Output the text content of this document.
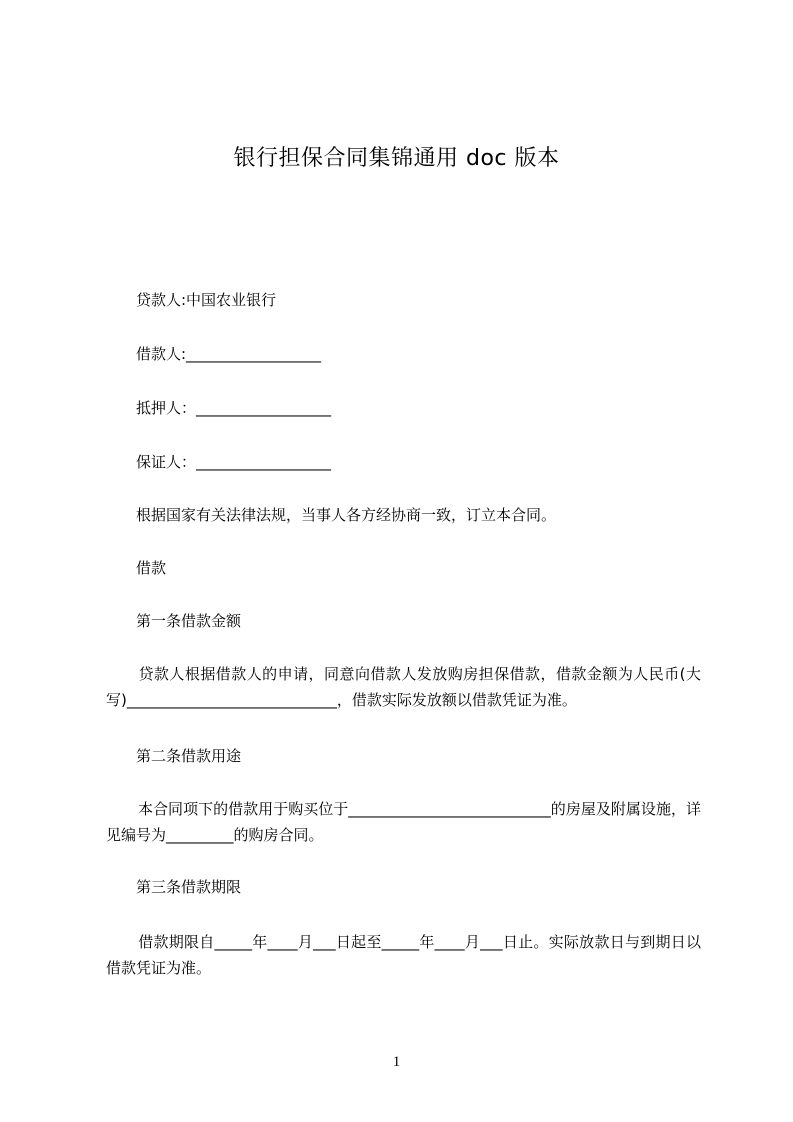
银行担保合同集锦通用 doc 版本
贷款人:中国农业银行
借款人:__________________
抵押人：__________________
保证人：__________________
根据国家有关法律法规，当事人各方经协商一致，订立本合同。
借款
第一条借款金额
贷款人根据借款人的申请，同意向借款人发放购房担保借款，借款金额为人民币(大写)____________________________，借款实际发放额以借款凭证为准。
第二条借款用途
本合同项下的借款用于购买位于___________________________的房屋及附属设施，详见编号为_________的购房合同。
第三条借款期限
借款期限自_____年____月___日起至_____年____月___日止。实际放款日与到期日以借款凭证为准。
1
